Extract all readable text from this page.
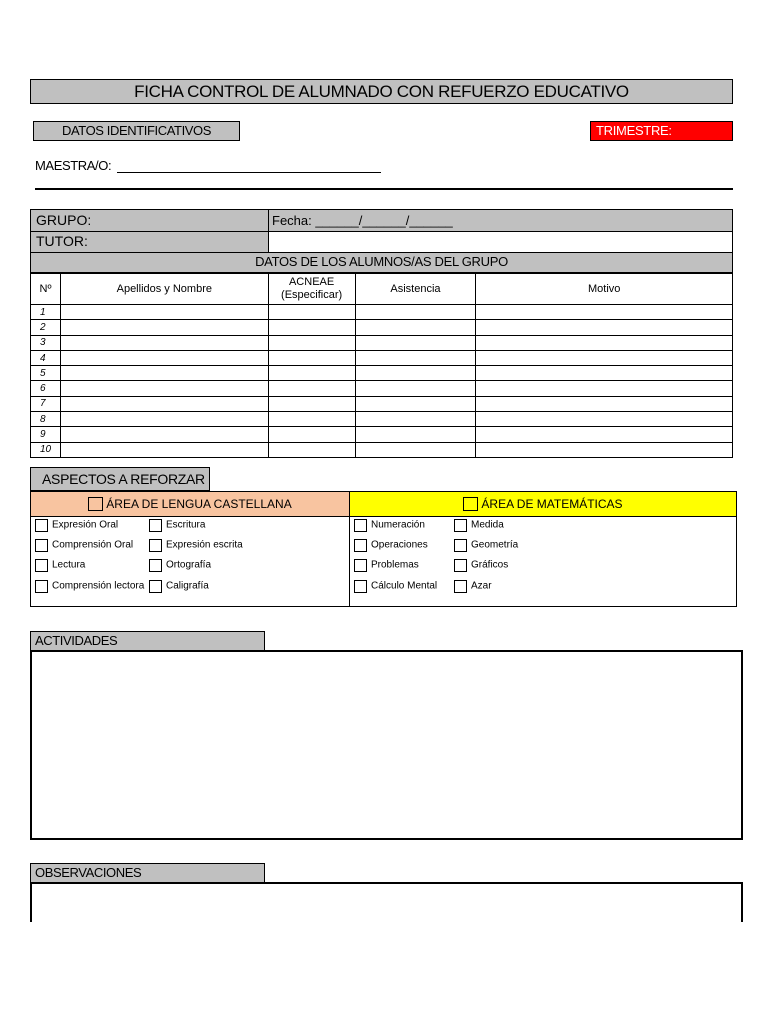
FICHA CONTROL DE ALUMNADO CON REFUERZO EDUCATIVO
DATOS IDENTIFICATIVOS	TRIMESTRE:
MAESTRA/O:
GRUPO:	Fecha: ______/______/______
TUTOR:
DATOS DE LOS ALUMNOS/AS DEL GRUPO
Nº	Apellidos y Nombre	ACNEAE (Especificar)	Asistencia	Motivo
1				
2				
3				
4				
5				
6				
7				
8				
9				
10				
ASPECTOS A REFORZAR
ÁREA DE LENGUA CASTELLANA	ÁREA DE MATEMÁTICAS
Expresión Oral
Comprensión Oral
Lectura
Comprensión lectora
Escritura
Expresión escrita
Ortografía
Caligrafía
Numeración
Operaciones
Problemas
Cálculo Mental
Medida
Geometría
Gráficos
Azar
ACTIVIDADES
OBSERVACIONES
